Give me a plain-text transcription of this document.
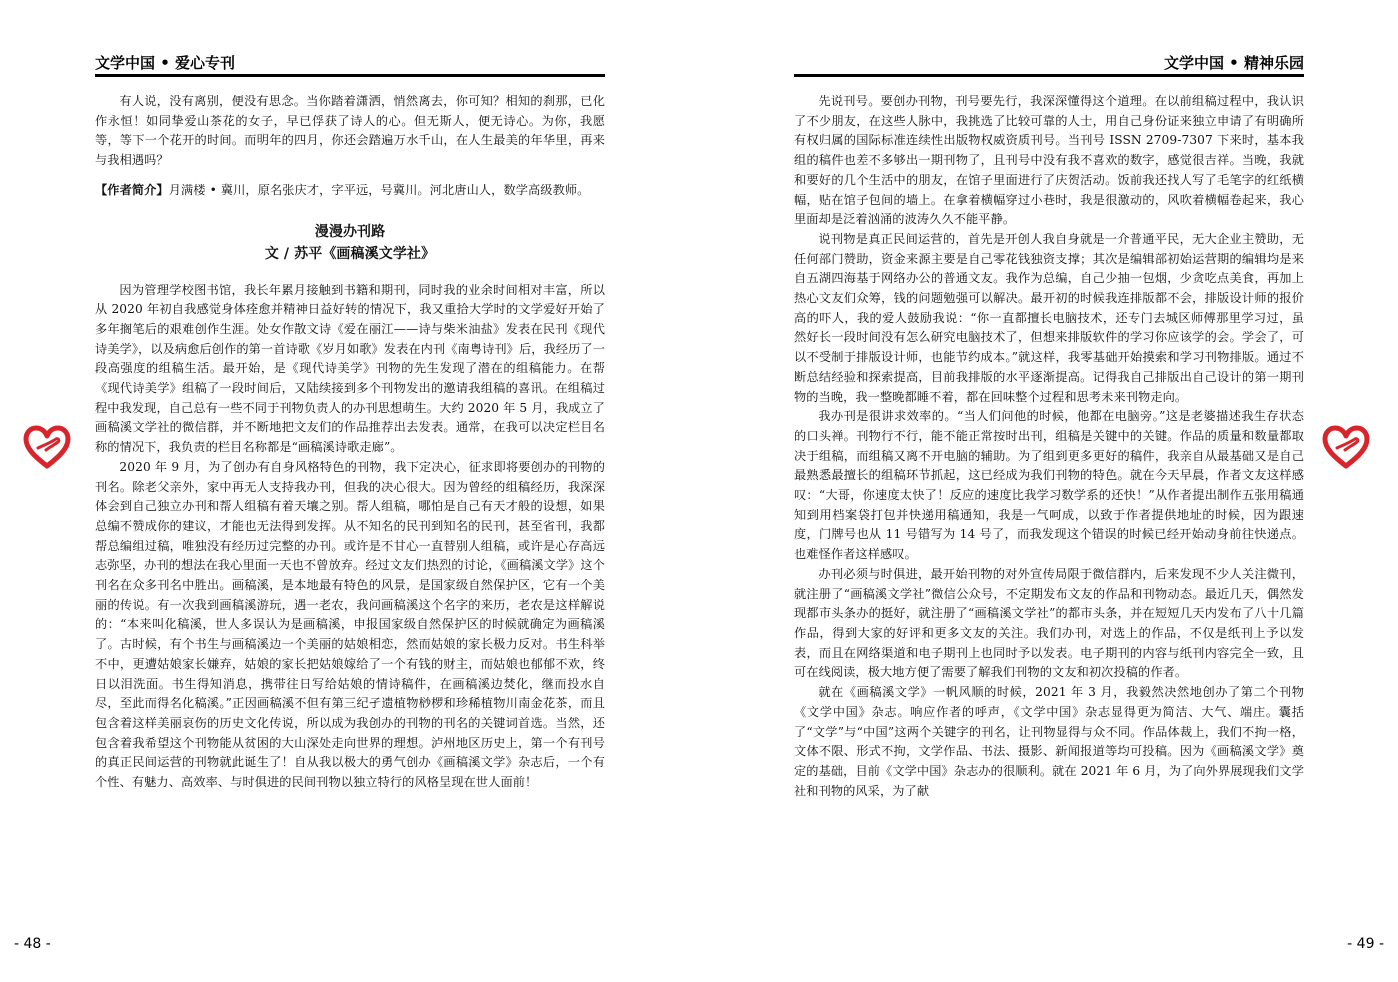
文学中国 • 爱心专刊

有人说，没有离别，便没有思念。当你踏着潇洒，悄然离去，你可知？相知的刹那，已化作永恒！如同挚爱山茶花的女子，早已俘获了诗人的心。但无斯人，便无诗心。为你，我愿等，等下一个花开的时间。而明年的四月，你还会踏遍万水千山，在人生最美的年华里，再来与我相遇吗？

【作者简介】月满楼 • 冀川，原名张庆才，字平远，号冀川。河北唐山人，数学高级教师。

漫漫办刊路
文 / 苏平《画稿溪文学社》

因为管理学校图书馆，我长年累月接触到书籍和期刊，同时我的业余时间相对丰富，所以从 2020 年初自我感觉身体痊愈并精神日益好转的情况下，我又重拾大学时的文学爱好开始了多年搁笔后的艰难创作生涯。处女作散文诗《爱在丽江——诗与柴米油盐》发表在民刊《现代诗美学》，以及病愈后创作的第一首诗歌《岁月如歌》发表在内刊《南粤诗刊》后，我经历了一段高强度的组稿生活。最开始，是《现代诗美学》刊物的先生发现了潜在的组稿能力。在帮《现代诗美学》组稿了一段时间后，又陆续接到多个刊物发出的邀请我组稿的喜讯。在组稿过程中我发现，自己总有一些不同于刊物负责人的办刊思想萌生。大约 2020 年 5 月，我成立了画稿溪文学社的微信群，并不断地把文友们的作品推荐出去发表。通常，在我可以决定栏目名称的情况下，我负责的栏目名称都是“画稿溪诗歌走廊”。

2020 年 9 月，为了创办有自身风格特色的刊物，我下定决心，征求即将要创办的刊物的刊名。除老父亲外，家中再无人支持我办刊，但我的决心很大。因为曾经的组稿经历，我深深体会到自己独立办刊和帮人组稿有着天壤之别。帮人组稿，哪怕是自己有天才般的设想，如果总编不赞成你的建议，才能也无法得到发挥。从不知名的民刊到知名的民刊，甚至省刊，我都帮总编组过稿，唯独没有经历过完整的办刊。或许是不甘心一直替别人组稿，或许是心存高远志弥坚，办刊的想法在我心里面一天也不曾放弃。经过文友们热烈的讨论，《画稿溪文学》这个刊名在众多刊名中胜出。画稿溪，是本地最有特色的风景，是国家级自然保护区，它有一个美丽的传说。有一次我到画稿溪游玩，遇一老农，我问画稿溪这个名字的来历，老农是这样解说的：“本来叫化稿溪，世人多误认为是画稿溪，申报国家级自然保护区的时候就确定为画稿溪了。古时候，有个书生与画稿溪边一个美丽的姑娘相恋，然而姑娘的家长极力反对。书生科举不中，更遭姑娘家长嫌弃，姑娘的家长把姑娘嫁给了一个有钱的财主，而姑娘也郁郁不欢，终日以泪洗面。书生得知消息，携带往日写给姑娘的情诗稿件，在画稿溪边焚化，继而投水自尽，至此而得名化稿溪。”正因画稿溪不但有第三纪孑遗植物桫椤和珍稀植物川南金花茶，而且包含着这样美丽哀伤的历史文化传说，所以成为我创办的刊物的刊名的关键词首选。当然，还包含着我希望这个刊物能从贫困的大山深处走向世界的理想。泸州地区历史上，第一个有刊号的真正民间运营的刊物就此诞生了！自从我以极大的勇气创办《画稿溪文学》杂志后，一个有个性、有魅力、高效率、与时俱进的民间刊物以独立特行的风格呈现在世人面前！

- 48 -
文学中国 • 精神乐园

先说刊号。要创办刊物，刊号要先行，我深深懂得这个道理。在以前组稿过程中，我认识了不少朋友，在这些人脉中，我挑选了比较可靠的人士，用自己身份证来独立申请了有明确所有权归属的国际标准连续性出版物权威资质刊号。当刊号 ISSN 2709-7307 下来时，基本我组的稿件也差不多够出一期刊物了，且刊号中没有我不喜欢的数字，感觉很吉祥。当晚，我就和要好的几个生活中的朋友，在馆子里面进行了庆贺活动。饭前我还找人写了毛笔字的红纸横幅，贴在馆子包间的墙上。在拿着横幅穿过小巷时，我是很激动的，风吹着横幅卷起来，我心里面却是泛着汹涌的波涛久久不能平静。

说刊物是真正民间运营的，首先是开创人我自身就是一介普通平民，无大企业主赞助，无任何部门赞助，资金来源主要是自己零花钱独资支撑；其次是编辑部初始运营期的编辑均是来自五湖四海基于网络办公的普通文友。我作为总编，自己少抽一包烟，少贪吃点美食，再加上热心文友们众筹，钱的问题勉强可以解决。最开初的时候我连排版都不会，排版设计师的报价高的吓人，我的爱人鼓励我说：“你一直都擅长电脑技术，还专门去城区师傅那里学习过，虽然好长一段时间没有怎么研究电脑技术了，但想来排版软件的学习你应该学的会。学会了，可以不受制于排版设计师，也能节约成本。”就这样，我零基础开始摸索和学习刊物排版。通过不断总结经验和探索提高，目前我排版的水平逐渐提高。记得我自己排版出自己设计的第一期刊物的当晚，我一整晚都睡不着，都在回味整个过程和思考未来刊物走向。

我办刊是很讲求效率的。“当人们问他的时候，他都在电脑旁。”这是老婆描述我生存状态的口头禅。刊物行不行，能不能正常按时出刊，组稿是关键中的关键。作品的质量和数量都取决于组稿，而组稿又离不开电脑的辅助。为了组到更多更好的稿件，我亲自从最基础又是自己最熟悉最擅长的组稿环节抓起，这已经成为我们刊物的特色。就在今天早晨，作者文友这样感叹：“大哥，你速度太快了！反应的速度比我学习数学系的还快！”从作者提出制作五张用稿通知到用档案袋打包并快递用稿通知，我是一气呵成，以致于作者提供地址的时候，因为跟速度，门牌号也从 11 号错写为 14 号了，而我发现这个错误的时候已经开始动身前往快递点。也难怪作者这样感叹。

办刊必须与时俱进，最开始刊物的对外宣传局限于微信群内，后来发现不少人关注微刊，就注册了“画稿溪文学社”微信公众号，不定期发布文友的作品和刊物动态。最近几天，偶然发现都市头条办的挺好，就注册了“画稿溪文学社”的都市头条，并在短短几天内发布了八十几篇作品，得到大家的好评和更多文友的关注。我们办刊，对选上的作品，不仅是纸刊上予以发表，而且在网络渠道和电子期刊上也同时予以发表。电子期刊的内容与纸刊内容完全一致，且可在线阅读，极大地方便了需要了解我们刊物的文友和初次投稿的作者。

就在《画稿溪文学》一帆风顺的时候，2021 年 3 月，我毅然决然地创办了第二个刊物《文学中国》杂志。响应作者的呼声，《文学中国》杂志显得更为简洁、大气、端庄。囊括了“文学”与“中国”这两个关键字的刊名，让刊物显得与众不同。作品体裁上，我们不拘一格，文体不限、形式不拘，文学作品、书法、摄影、新闻报道等均可投稿。因为《画稿溪文学》奠定的基础，目前《文学中国》杂志办的很顺利。就在 2021 年 6 月，为了向外界展现我们文学社和刊物的风采，为了献

- 49 -
